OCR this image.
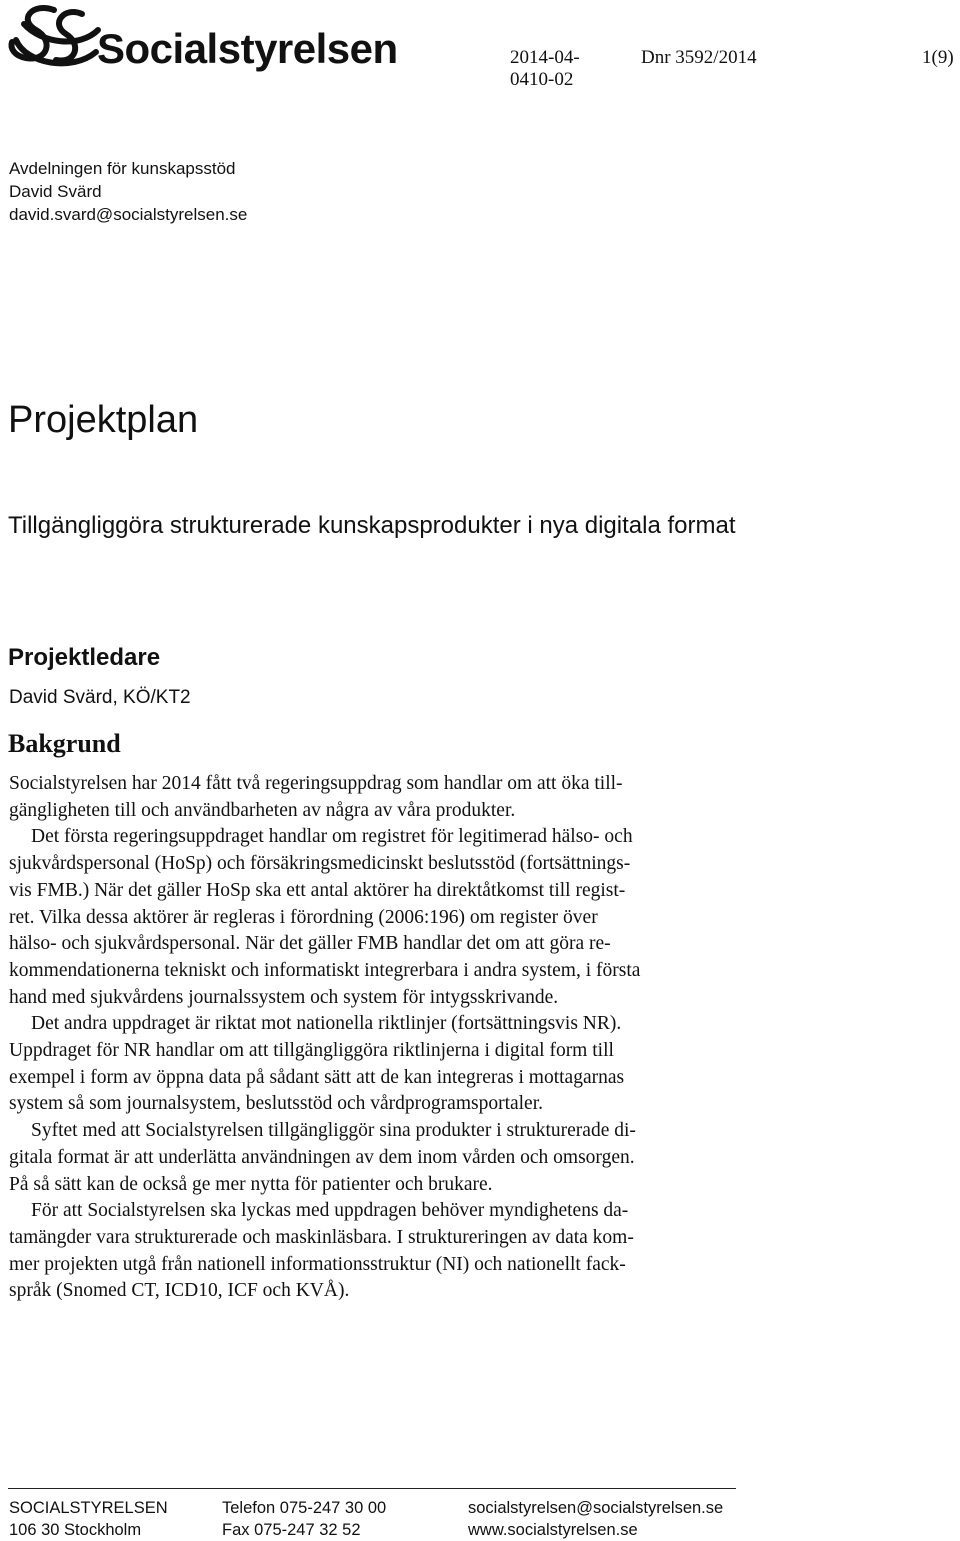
Socialstyrelsen	2014-04-
0410-02
Dnr 3592/2014	1(9)
Avdelningen för kunskapsstöd
David Svärd
david.svard@socialstyrelsen.se
Projektplan
Tillgängliggöra strukturerade kunskapsprodukter i nya digitala format
Projektledare

David Svärd, KÖ/KT2

Bakgrund

Socialstyrelsen har 2014 fått två regeringsuppdrag som handlar om att öka till-
gängligheten till och användbarheten av några av våra produkter.

Det första regeringsuppdraget handlar om registret för legitimerad hälso- och
sjukvårdspersonal (HoSp) och försäkringsmedicinskt beslutsstöd (fortsättnings-
vis FMB.) När det gäller HoSp ska ett antal aktörer ha direktåtkomst till regist-
ret. Vilka dessa aktörer är regleras i förordning (2006:196) om register över
hälso- och sjukvårdspersonal. När det gäller FMB handlar det om att göra re-
kommendationerna tekniskt och informatiskt integrerbara i andra system, i första
hand med sjukvårdens journalssystem och system för intygsskrivande.

Det andra uppdraget är riktat mot nationella riktlinjer (fortsättningsvis NR).
Uppdraget för NR handlar om att tillgängliggöra riktlinjerna i digital form till
exempel i form av öppna data på sådant sätt att de kan integreras i mottagarnas
system så som journalsystem, beslutsstöd och vårdprogramsportaler.

Syftet med att Socialstyrelsen tillgängliggör sina produkter i strukturerade di-
gitala format är att underlätta användningen av dem inom vården och omsorgen.
På så sätt kan de också ge mer nytta för patienter och brukare.

För att Socialstyrelsen ska lyckas med uppdragen behöver myndighetens da-
tamängder vara strukturerade och maskinläsbara. I struktureringen av data kom-
mer projekten utgå från nationell informationsstruktur (NI) och nationellt fack-
språk (Snomed CT, ICD10, ICF och KVÅ).

SOCIALSTYRELSEN
106 30 Stockholm
Telefon 075-247 30 00
Fax 075-247 32 52
socialstyrelsen@socialstyrelsen.se
www.socialstyrelsen.se
